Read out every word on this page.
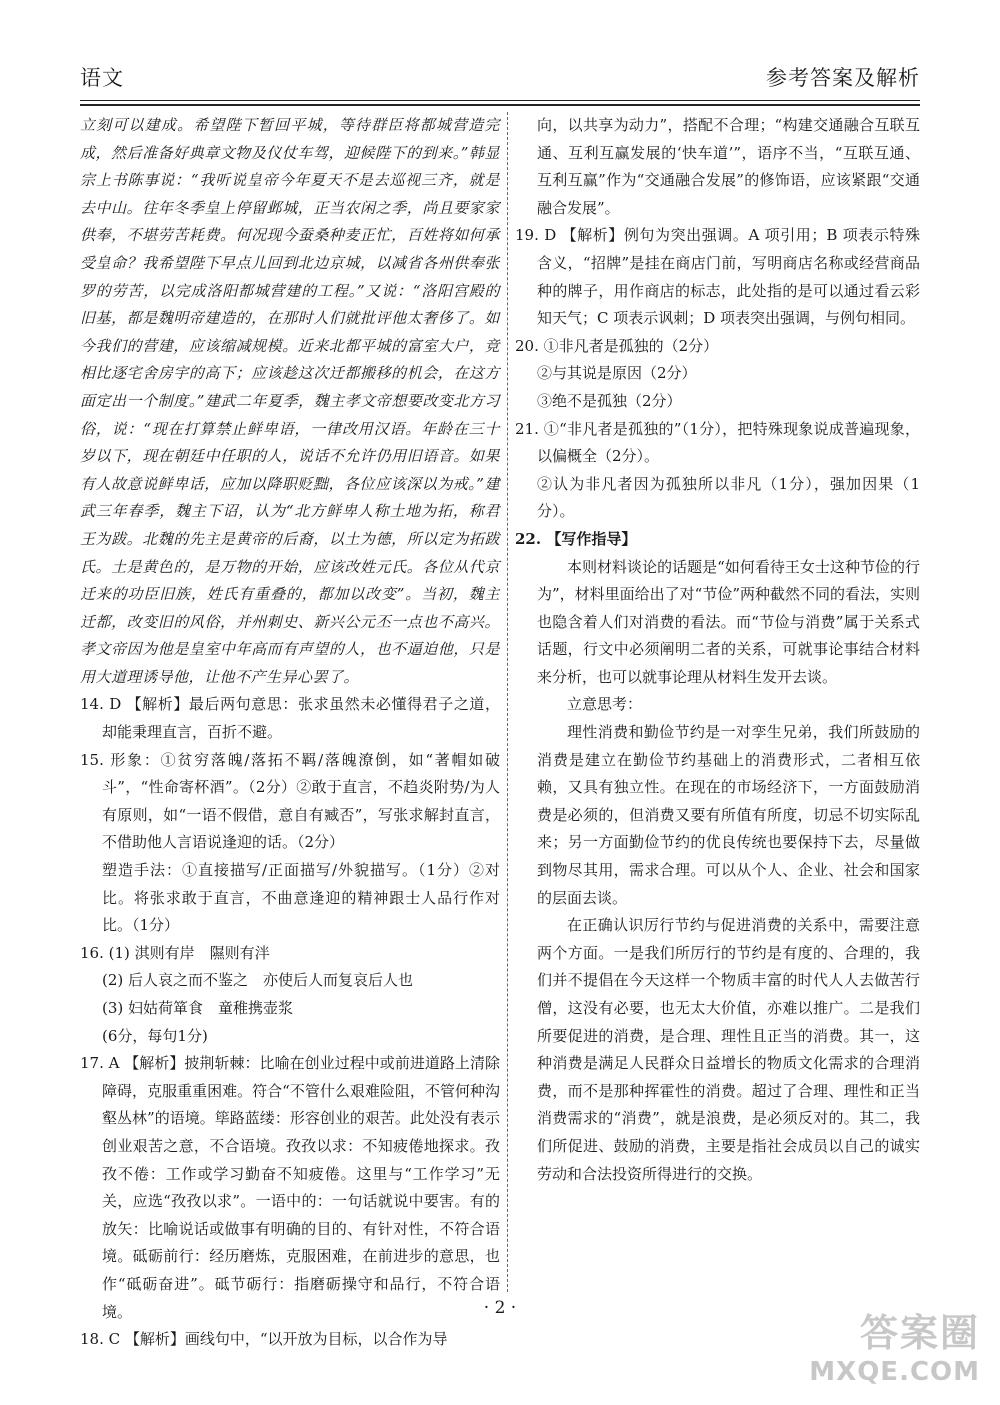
语文	参考答案及解析

立刻可以建成。希望陛下暂回平城，等待群臣将都城营造完成，然后准备好典章文物及仪仗车驾，迎候陛下的到来。”韩显宗上书陈事说：“我听说皇帝今年夏天不是去巡视三齐，就是去中山。往年冬季皇上停留邺城，正当农闲之季，尚且要家家供奉，不堪劳苦耗费。何况现今蚕桑种麦正忙，百姓将如何承受皇命？我希望陛下早点儿回到北边京城，以减省各州供奉张罗的劳苦，以完成洛阳都城营建的工程。”又说：“洛阳宫殿的旧基，都是魏明帝建造的，在那时人们就批评他太奢侈了。如今我们的营建，应该缩减规模。近来北都平城的富室大户，竞相比逐宅舍房宇的高下；应该趁这次迁都搬移的机会，在这方面定出一个制度。”建武二年夏季，魏主孝文帝想要改变北方习俗，说：“现在打算禁止鲜卑语，一律改用汉语。年龄在三十岁以下，现在朝廷中任职的人，说话不允许仍用旧语音。如果有人故意说鲜卑话，应加以降职贬黜，各位应该深以为戒。”建武三年春季，魏主下诏，认为“北方鲜卑人称土地为拓，称君王为跋。北魏的先主是黄帝的后裔，以土为德，所以定为拓跋氏。土是黄色的，是万物的开始，应该改姓元氏。各位从代京迁来的功臣旧族，姓氏有重叠的，都加以改变”。当初，魏主迁都，改变旧的风俗，并州刺史、新兴公元丕一点也不高兴。孝文帝因为他是皇室中年高而有声望的人，也不逼迫他，只是用大道理诱导他，让他不产生异心罢了。

14. D 【解析】最后两句意思：张求虽然未必懂得君子之道，却能秉理直言，百折不避。

15. 形象：①贫穷落魄/落拓不羁/落魄潦倒，如“著帽如破斗”，“性命寄杯酒”。（2分）②敢于直言，不趋炎附势/为人有原则，如“一语不假借，意自有臧否”，写张求解封直言，不借助他人言语说逢迎的话。（2分）

塑造手法：①直接描写/正面描写/外貌描写。（1分）②对比。将张求敢于直言，不曲意逢迎的精神跟士人品行作对比。（1分）

16. (1) 淇则有岸　隰则有泮

(2) 后人哀之而不鉴之　亦使后人而复哀后人也

(3) 妇姑荷箪食　童稚携壶浆

(6分，每句1分)

17. A 【解析】披荆斩棘：比喻在创业过程中或前进道路上清除障碍，克服重重困难。符合“不管什么艰难险阻，不管何种沟壑丛林”的语境。筚路蓝缕：形容创业的艰苦。此处没有表示创业艰苦之意，不合语境。孜孜以求：不知疲倦地探求。孜孜不倦：工作或学习勤奋不知疲倦。这里与“工作学习”无关，应选“孜孜以求”。一语中的：一句话就说中要害。有的放矢：比喻说话或做事有明确的目的、有针对性，不符合语境。砥砺前行：经历磨炼，克服困难，在前进步的意思，也作“砥砺奋进”。砥节砺行：指磨砺操守和品行，不符合语境。

18. C 【解析】画线句中，“以开放为目标，以合作为导

向，以共享为动力”，搭配不合理；“构建交通融合互联互通、互利互赢发展的‘快车道’”，语序不当，“互联互通、互利互赢”作为“交通融合发展”的修饰语，应该紧跟“交通融合发展”。

19. D 【解析】例句为突出强调。A 项引用；B 项表示特殊含义，“招牌”是挂在商店门前，写明商店名称或经营商品种的牌子，用作商店的标志，此处指的是可以通过看云彩知天气；C 项表示讽刺；D 项表突出强调，与例句相同。

20. ①非凡者是孤独的（2分）

②与其说是原因（2分）

③绝不是孤独（2分）

21. ①“非凡者是孤独的”（1分），把特殊现象说成普遍现象，以偏概全（2分）。

②认为非凡者因为孤独所以非凡（1分），强加因果（1分）。

22. 【写作指导】

本则材料谈论的话题是“如何看待王女士这种节俭的行为”，材料里面给出了对“节俭”两种截然不同的看法，实则也隐含着人们对消费的看法。而“节俭与消费”属于关系式话题，行文中必须阐明二者的关系，可就事论事结合材料来分析，也可以就事论理从材料生发开去谈。

立意思考：

理性消费和勤俭节约是一对孪生兄弟，我们所鼓励的消费是建立在勤俭节约基础上的消费形式，二者相互依赖，又具有独立性。在现在的市场经济下，一方面鼓励消费是必须的，但消费又要有所值有所度，切忌不切实际乱来；另一方面勤俭节约的优良传统也要保持下去，尽量做到物尽其用，需求合理。可以从个人、企业、社会和国家的层面去谈。

在正确认识厉行节约与促进消费的关系中，需要注意两个方面。一是我们所厉行的节约是有度的、合理的，我们并不提倡在今天这样一个物质丰富的时代人人去做苦行僧，这没有必要，也无太大价值，亦难以推广。二是我们所要促进的消费，是合理、理性且正当的消费。其一，这种消费是满足人民群众日益增长的物质文化需求的合理消费，而不是那种挥霍性的消费。超过了合理、理性和正当消费需求的“消费”，就是浪费，是必须反对的。其二，我们所促进、鼓励的消费，主要是指社会成员以自己的诚实劳动和合法投资所得进行的交换。

· 2 ·
答案圈
MXQE.COM
